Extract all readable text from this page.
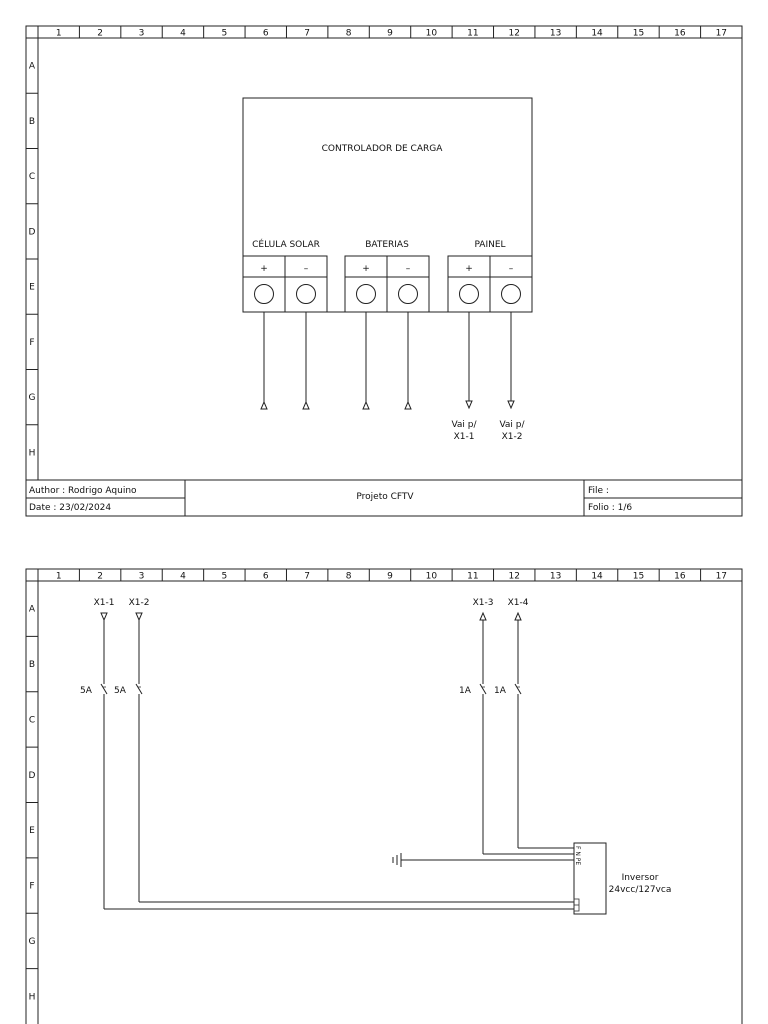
1	2	3	4	5	6	7	8	9	10	11	12	13	14	15	16	17
A
B
C
D
E
F
G
H
CONTROLADOR DE CARGA
CÉLULA SOLAR	BATERIAS	PAINEL
+	–	+	–	+	–
Vai p/
X1-1
Vai p/
X1-2
Author : Rodrigo Aquino
Date : 23/02/2024
Projeto CFTV
File :
Folio : 1/6
1	2	3	4	5	6	7	8	9	10	11	12	13	14	15	16	17
A
B
C
D
E
F
G
H
X1-1 X1-2	X1-3 X1-4
5A 5A	1A	1A
F N PE
Inversor
24vcc/127vca
